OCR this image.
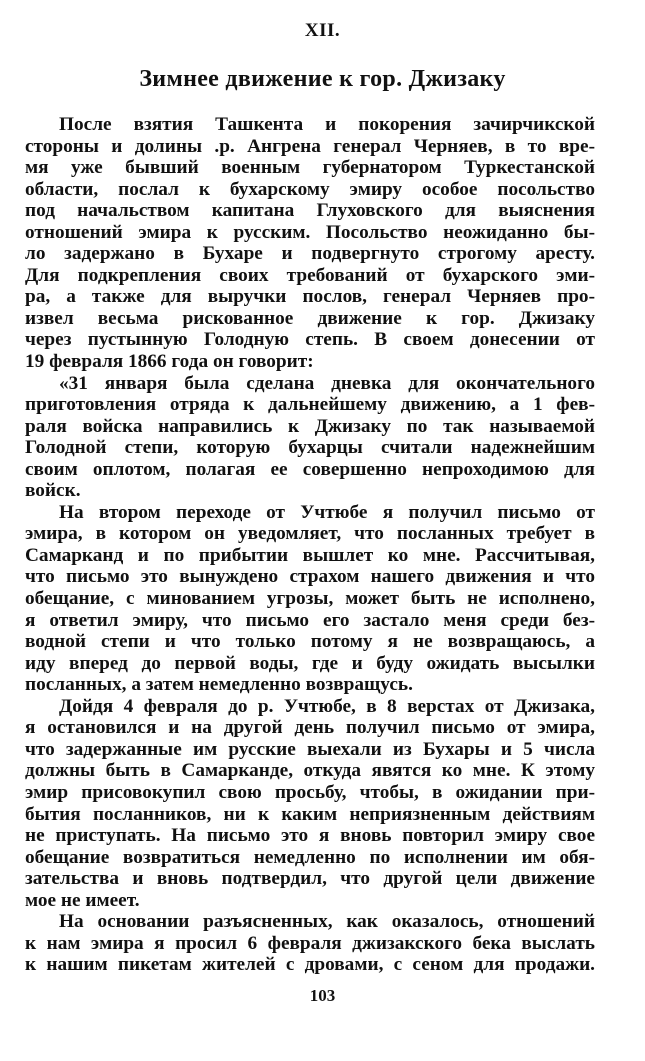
XII.
Зимнее движение к гор. Джизаку
После взятия Ташкента и покорения зачирчикской
стороны и долины .р. Ангрена генерал Черняев, в то вре-
мя уже бывший военным губернатором Туркестанской
области, послал к бухарскому эмиру особое посольство
под начальством капитана Глуховского для выяснения
отношений эмира к русским. Посольство неожиданно бы-
ло задержано в Бухаре и подвергнуто строгому аресту.
Для подкрепления своих требований от бухарского эми-
ра, а также для выручки послов, генерал Черняев про-
извел весьма рискованное движение к гор. Джизаку
через пустынную Голодную степь. В своем донесении от
19 февраля 1866 года он говорит:
«31 января была сделана дневка для окончательного
приготовления отряда к дальнейшему движению, а 1 фев-
раля войска направились к Джизаку по так называемой
Голодной степи, которую бухарцы считали надежнейшим
своим оплотом, полагая ее совершенно непроходимою для
войск.
На втором переходе от Учтюбе я получил письмо от
эмира, в котором он уведомляет, что посланных требует в
Самарканд и по прибытии вышлет ко мне. Рассчитывая,
что письмо это вынуждено страхом нашего движения и что
обещание, с минованием угрозы, может быть не исполнено,
я ответил эмиру, что письмо его застало меня среди без-
водной степи и что только потому я не возвращаюсь, а
иду вперед до первой воды, где и буду ожидать высылки
посланных, а затем немедленно возвращусь.
Дойдя 4 февраля до р. Учтюбе, в 8 верстах от Джизака,
я остановился и на другой день получил письмо от эмира,
что задержанные им русские выехали из Бухары и 5 числа
должны быть в Самарканде, откуда явятся ко мне. К этому
эмир присовокупил свою просьбу, чтобы, в ожидании при-
бытия посланников, ни к каким неприязненным действиям
не приступать. На письмо это я вновь повторил эмиру свое
обещание возвратиться немедленно по исполнении им обя-
зательства и вновь подтвердил, что другой цели движение
мое не имеет.
На основании разъясненных, как оказалось, отношений
к нам эмира я просил 6 февраля джизакского бека выслать
к нашим пикетам жителей с дровами, с сеном для продажи.
103
